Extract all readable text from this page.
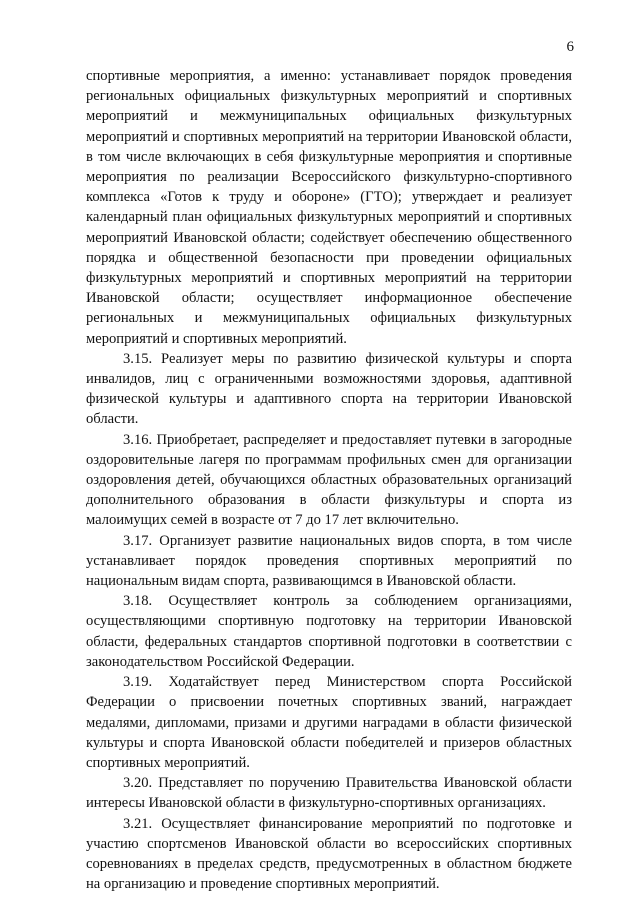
6

спортивные мероприятия, а именно: устанавливает порядок проведения региональных официальных физкультурных мероприятий и спортивных мероприятий и межмуниципальных официальных физкультурных мероприятий и спортивных мероприятий на территории Ивановской области, в том числе включающих в себя физкультурные мероприятия и спортивные мероприятия по реализации Всероссийского физкультурно-спортивного комплекса «Готов к труду и обороне» (ГТО); утверждает и реализует календарный план официальных физкультурных мероприятий и спортивных мероприятий Ивановской области; содействует обеспечению общественного порядка и общественной безопасности при проведении официальных физкультурных мероприятий и спортивных мероприятий на территории Ивановской области; осуществляет информационное обеспечение региональных и межмуниципальных официальных физкультурных мероприятий и спортивных мероприятий.

3.15. Реализует меры по развитию физической культуры и спорта инвалидов, лиц с ограниченными возможностями здоровья, адаптивной физической культуры и адаптивного спорта на территории Ивановской области.

3.16. Приобретает, распределяет и предоставляет путевки в загородные оздоровительные лагеря по программам профильных смен для организации оздоровления детей, обучающихся областных образовательных организаций дополнительного образования в области физкультуры и спорта из малоимущих семей в возрасте от 7 до 17 лет включительно.

3.17. Организует развитие национальных видов спорта, в том числе устанавливает порядок проведения спортивных мероприятий по национальным видам спорта, развивающимся в Ивановской области.

3.18. Осуществляет контроль за соблюдением организациями, осуществляющими спортивную подготовку на территории Ивановской области, федеральных стандартов спортивной подготовки в соответствии с законодательством Российской Федерации.

3.19. Ходатайствует перед Министерством спорта Российской Федерации о присвоении почетных спортивных званий, награждает медалями, дипломами, призами и другими наградами в области физической культуры и спорта Ивановской области победителей и призеров областных спортивных мероприятий.

3.20. Представляет по поручению Правительства Ивановской области интересы Ивановской области в физкультурно-спортивных организациях.

3.21. Осуществляет финансирование мероприятий по подготовке и участию спортсменов Ивановской области во всероссийских спортивных соревнованиях в пределах средств, предусмотренных в областном бюджете на организацию и проведение спортивных мероприятий.
